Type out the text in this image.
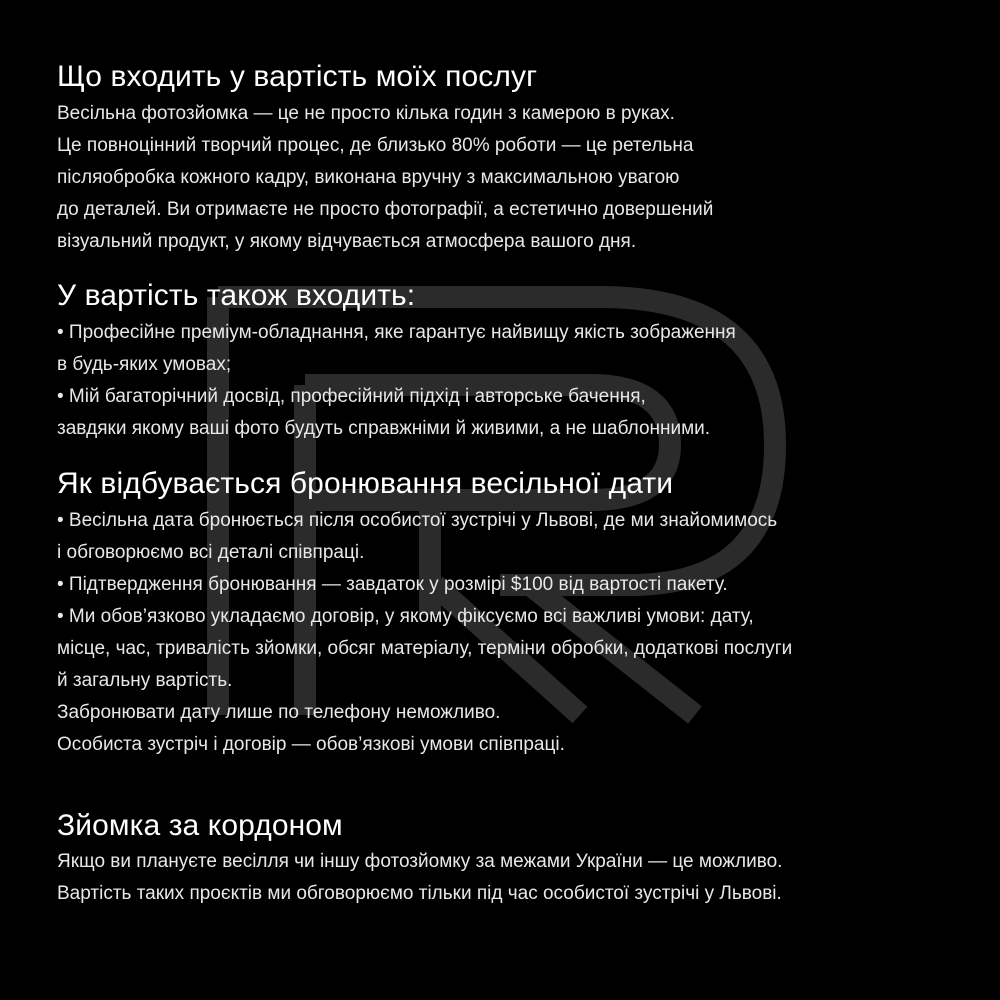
Що входить у вартість моїх послуг

Весільна фотозйомка — це не просто кілька годин з камерою в руках.
Це повноцінний творчий процес, де близько 80% роботи — це ретельна
післяобробка кожного кадру, виконана вручну з максимальною увагою
до деталей. Ви отримаєте не просто фотографії, а естетично довершений
візуальний продукт, у якому відчувається атмосфера вашого дня.

У вартість також входить:

• Професійне преміум-обладнання, яке гарантує найвищу якість зображення
в будь-яких умовах;
• Мій багаторічний досвід, професійний підхід і авторське бачення,
завдяки якому ваші фото будуть справжніми й живими, а не шаблонними.

Як відбувається бронювання весільної дати

• Весільна дата бронюється після особистої зустрічі у Львові, де ми знайомимось
і обговорюємо всі деталі співпраці.
• Підтвердження бронювання — завдаток у розмірі $100 від вартості пакету.
• Ми обов’язково укладаємо договір, у якому фіксуємо всі важливі умови: дату,
місце, час, тривалість зйомки, обсяг матеріалу, терміни обробки, додаткові послуги
й загальну вартість.
Забронювати дату лише по телефону неможливо.
Особиста зустріч і договір — обов’язкові умови співпраці.

Зйомка за кордоном

Якщо ви плануєте весілля чи іншу фотозйомку за межами України — це можливо.
Вартість таких проєктів ми обговорюємо тільки під час особистої зустрічі у Львові.
